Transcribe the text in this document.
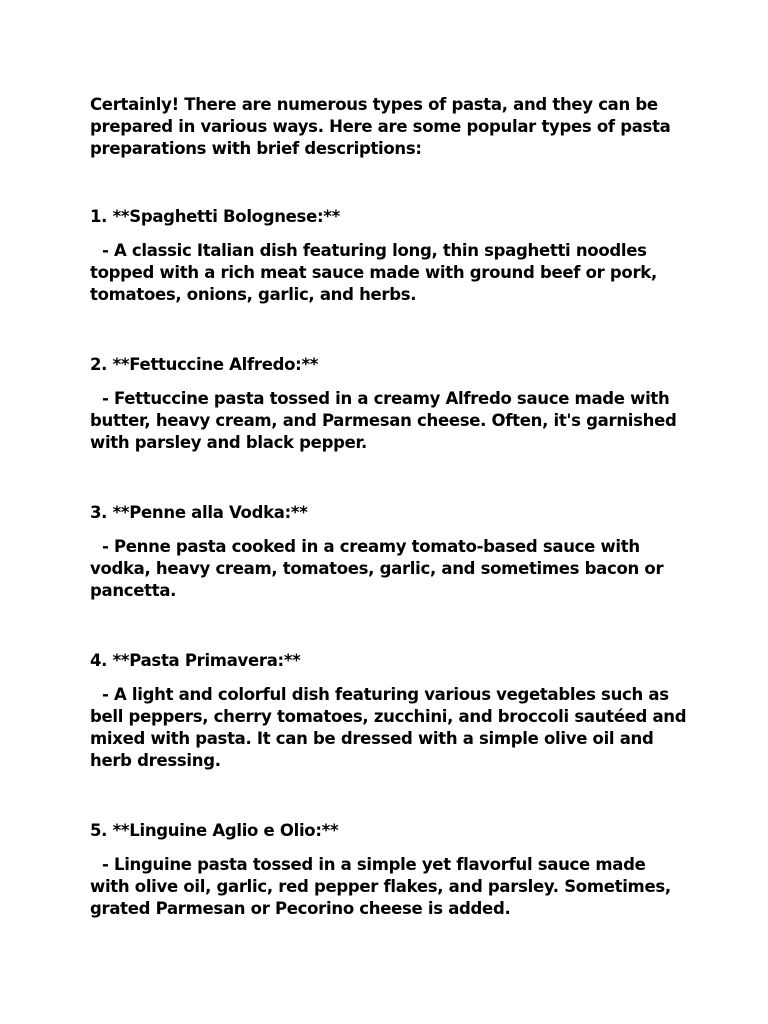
Certainly! There are numerous types of pasta, and they can be prepared in various ways. Here are some popular types of pasta preparations with brief descriptions:

1. **Spaghetti Bolognese:**

- A classic Italian dish featuring long, thin spaghetti noodles topped with a rich meat sauce made with ground beef or pork, tomatoes, onions, garlic, and herbs.

2. **Fettuccine Alfredo:**

- Fettuccine pasta tossed in a creamy Alfredo sauce made with butter, heavy cream, and Parmesan cheese. Often, it's garnished with parsley and black pepper.

3. **Penne alla Vodka:**

- Penne pasta cooked in a creamy tomato-based sauce with vodka, heavy cream, tomatoes, garlic, and sometimes bacon or pancetta.

4. **Pasta Primavera:**

- A light and colorful dish featuring various vegetables such as bell peppers, cherry tomatoes, zucchini, and broccoli sautéed and mixed with pasta. It can be dressed with a simple olive oil and herb dressing.

5. **Linguine Aglio e Olio:**

- Linguine pasta tossed in a simple yet flavorful sauce made with olive oil, garlic, red pepper flakes, and parsley. Sometimes, grated Parmesan or Pecorino cheese is added.
